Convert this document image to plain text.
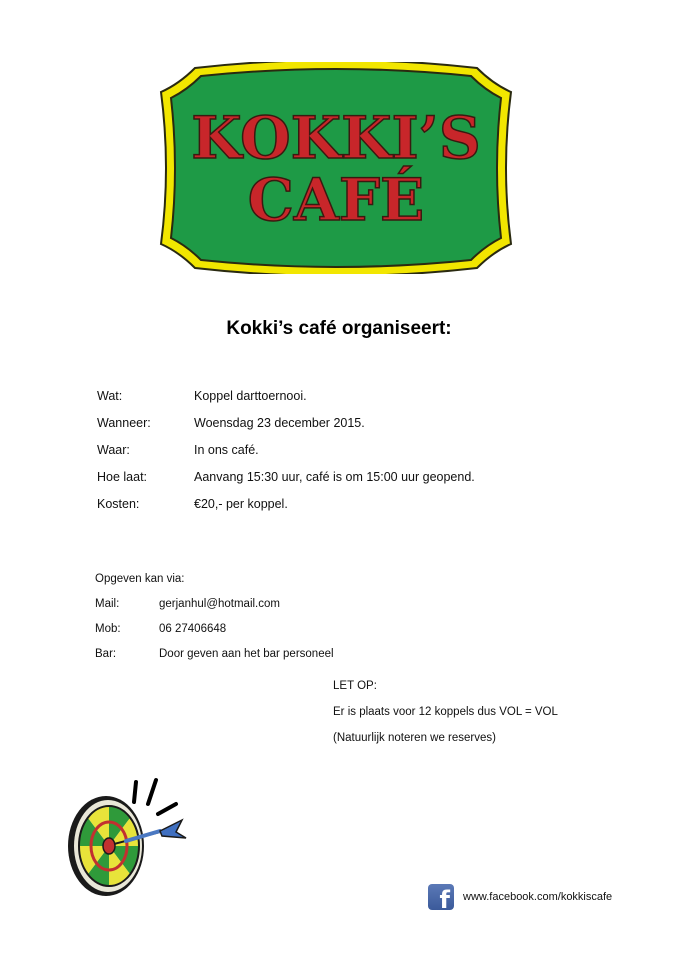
KOKKI’S
CAFÉ
Kokki’s café organiseert:
Wat:	Koppel darttoernooi.
Wanneer:	Woensdag 23 december 2015.
Waar:	In ons café.
Hoe laat:	Aanvang 15:30 uur, café is om 15:00 uur geopend.
Kosten:	€20,- per koppel.
Opgeven kan via:
Mail:	gerjanhul@hotmail.com
Mob:	06 27406648
Bar:	Door geven aan het bar personeel
LET OP:
Er is plaats voor 12 koppels dus VOL = VOL
(Natuurlijk noteren we reserves)
f www.facebook.com/kokkiscafe
